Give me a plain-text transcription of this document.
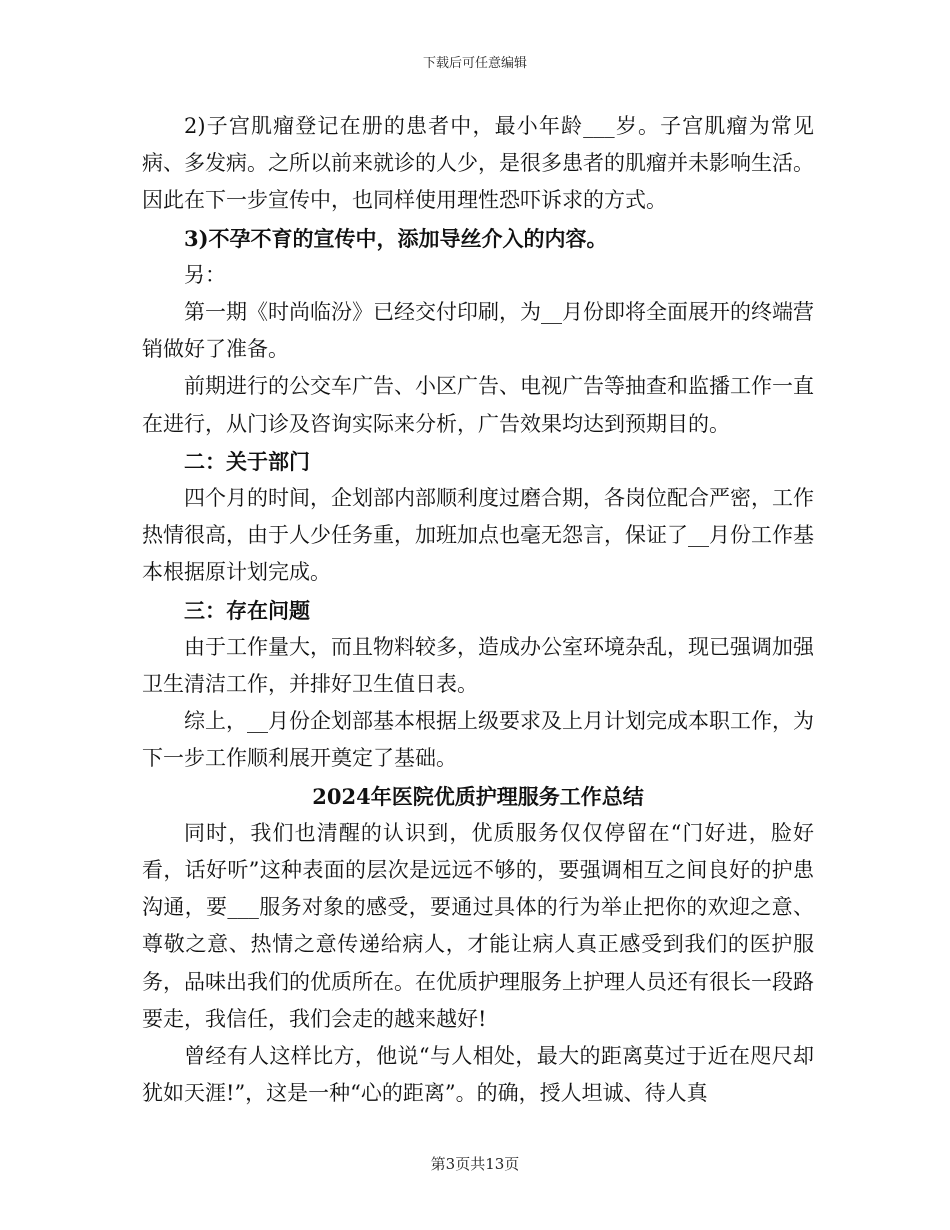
下载后可任意编辑

2)子宫肌瘤登记在册的患者中，最小年龄___岁。子宫肌瘤为常见病、多发病。之所以前来就诊的人少，是很多患者的肌瘤并未影响生活。因此在下一步宣传中，也同样使用理性恐吓诉求的方式。

3)不孕不育的宣传中，添加导丝介入的内容。

另：

第一期《时尚临汾》已经交付印刷，为__月份即将全面展开的终端营销做好了准备。

前期进行的公交车广告、小区广告、电视广告等抽查和监播工作一直在进行，从门诊及咨询实际来分析，广告效果均达到预期目的。

二：关于部门

四个月的时间，企划部内部顺利度过磨合期，各岗位配合严密，工作热情很高，由于人少任务重，加班加点也毫无怨言，保证了__月份工作基本根据原计划完成。

三：存在问题

由于工作量大，而且物料较多，造成办公室环境杂乱，现已强调加强卫生清洁工作，并排好卫生值日表。

综上，__月份企划部基本根据上级要求及上月计划完成本职工作，为下一步工作顺利展开奠定了基础。

2024年医院优质护理服务工作总结

同时，我们也清醒的认识到，优质服务仅仅停留在“门好进，脸好看，话好听”这种表面的层次是远远不够的，要强调相互之间良好的护患沟通，要___服务对象的感受，要通过具体的行为举止把你的欢迎之意、尊敬之意、热情之意传递给病人，才能让病人真正感受到我们的医护服务，品味出我们的优质所在。在优质护理服务上护理人员还有很长一段路要走，我信任，我们会走的越来越好!

曾经有人这样比方，他说“与人相处，最大的距离莫过于近在咫尺却犹如天涯!”，这是一种“心的距离”。的确，授人坦诚、待人真

第3页共13页
